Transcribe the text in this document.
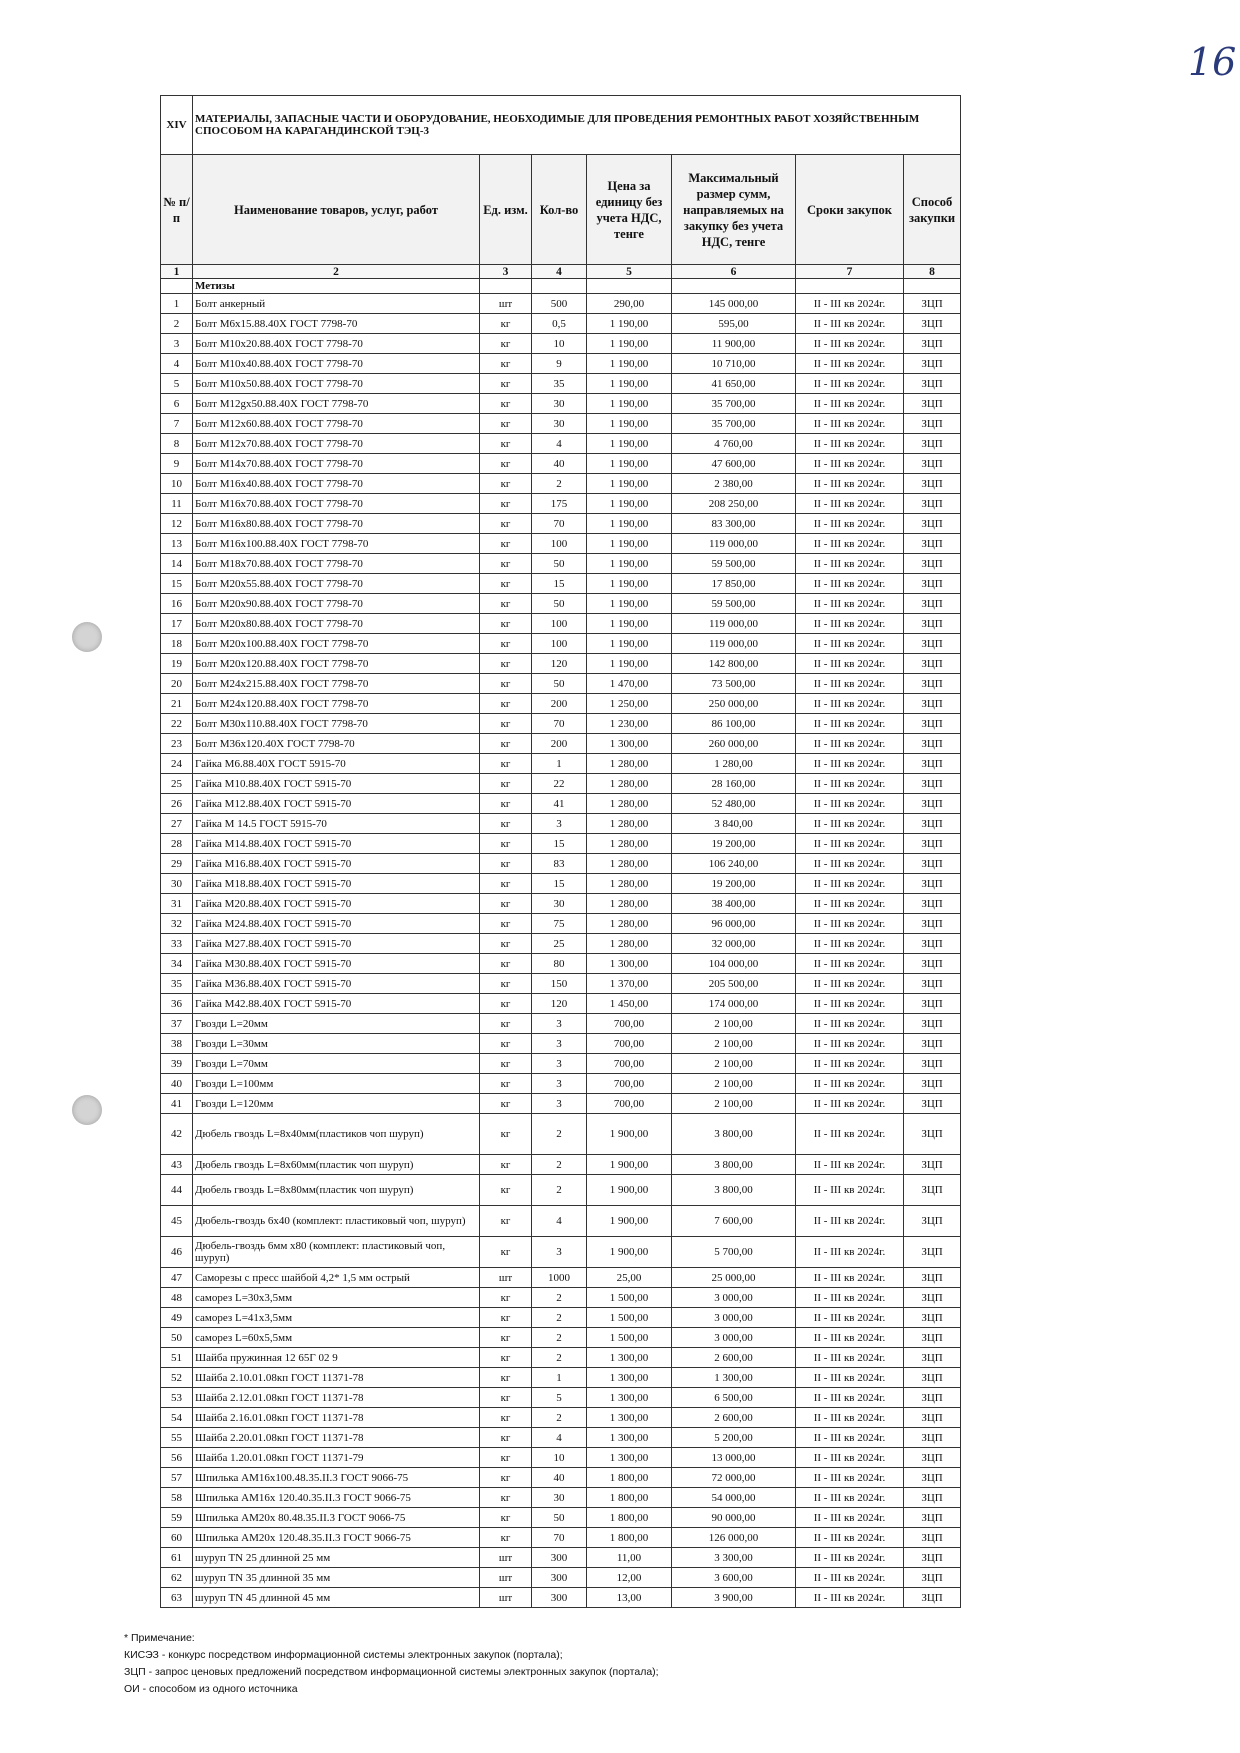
16
XIV	МАТЕРИАЛЫ, ЗАПАСНЫЕ ЧАСТИ И ОБОРУДОВАНИЕ, НЕОБХОДИМЫЕ ДЛЯ ПРОВЕДЕНИЯ РЕМОНТНЫХ РАБОТ ХОЗЯЙСТВЕННЫМ СПОСОБОМ НА КАРАГАНДИНСКОЙ ТЭЦ-3						
№ п/п	Наименование товаров, услуг, работ	Ед. изм.	Кол-во	Цена за единицу без учета НДС, тенге	Максимальный размер сумм, направляемых на закупку без учета НДС, тенге	Сроки закупок	Способ закупки
1	2	3	4	5	6	7	8
	Метизы						
1	Болт анкерный	шт	500	290,00	145 000,00	II - III кв 2024г.	ЗЦП
2	Болт М6х15.88.40Х ГОСТ 7798-70	кг	0,5	1 190,00	595,00	II - III кв 2024г.	ЗЦП
3	Болт М10х20.88.40Х ГОСТ 7798-70	кг	10	1 190,00	11 900,00	II - III кв 2024г.	ЗЦП
4	Болт М10х40.88.40Х ГОСТ 7798-70	кг	9	1 190,00	10 710,00	II - III кв 2024г.	ЗЦП
5	Болт М10х50.88.40Х ГОСТ 7798-70	кг	35	1 190,00	41 650,00	II - III кв 2024г.	ЗЦП
6	Болт М12gх50.88.40Х ГОСТ 7798-70	кг	30	1 190,00	35 700,00	II - III кв 2024г.	ЗЦП
7	Болт М12х60.88.40Х ГОСТ 7798-70	кг	30	1 190,00	35 700,00	II - III кв 2024г.	ЗЦП
8	Болт М12х70.88.40Х ГОСТ 7798-70	кг	4	1 190,00	4 760,00	II - III кв 2024г.	ЗЦП
9	Болт М14х70.88.40Х ГОСТ 7798-70	кг	40	1 190,00	47 600,00	II - III кв 2024г.	ЗЦП
10	Болт М16х40.88.40Х ГОСТ 7798-70	кг	2	1 190,00	2 380,00	II - III кв 2024г.	ЗЦП
11	Болт М16х70.88.40Х ГОСТ 7798-70	кг	175	1 190,00	208 250,00	II - III кв 2024г.	ЗЦП
12	Болт М16х80.88.40Х ГОСТ 7798-70	кг	70	1 190,00	83 300,00	II - III кв 2024г.	ЗЦП
13	Болт М16х100.88.40Х ГОСТ 7798-70	кг	100	1 190,00	119 000,00	II - III кв 2024г.	ЗЦП
14	Болт М18х70.88.40Х ГОСТ 7798-70	кг	50	1 190,00	59 500,00	II - III кв 2024г.	ЗЦП
15	Болт М20х55.88.40Х ГОСТ 7798-70	кг	15	1 190,00	17 850,00	II - III кв 2024г.	ЗЦП
16	Болт М20х90.88.40Х ГОСТ 7798-70	кг	50	1 190,00	59 500,00	II - III кв 2024г.	ЗЦП
17	Болт М20х80.88.40Х ГОСТ 7798-70	кг	100	1 190,00	119 000,00	II - III кв 2024г.	ЗЦП
18	Болт М20х100.88.40Х ГОСТ 7798-70	кг	100	1 190,00	119 000,00	II - III кв 2024г.	ЗЦП
19	Болт М20х120.88.40Х ГОСТ 7798-70	кг	120	1 190,00	142 800,00	II - III кв 2024г.	ЗЦП
20	Болт М24х215.88.40Х ГОСТ 7798-70	кг	50	1 470,00	73 500,00	II - III кв 2024г.	ЗЦП
21	Болт М24х120.88.40Х ГОСТ 7798-70	кг	200	1 250,00	250 000,00	II - III кв 2024г.	ЗЦП
22	Болт М30х110.88.40Х ГОСТ 7798-70	кг	70	1 230,00	86 100,00	II - III кв 2024г.	ЗЦП
23	Болт М36х120.40Х ГОСТ 7798-70	кг	200	1 300,00	260 000,00	II - III кв 2024г.	ЗЦП
24	Гайка М6.88.40Х ГОСТ 5915-70	кг	1	1 280,00	1 280,00	II - III кв 2024г.	ЗЦП
25	Гайка М10.88.40Х ГОСТ 5915-70	кг	22	1 280,00	28 160,00	II - III кв 2024г.	ЗЦП
26	Гайка М12.88.40Х ГОСТ 5915-70	кг	41	1 280,00	52 480,00	II - III кв 2024г.	ЗЦП
27	Гайка М 14.5 ГОСТ 5915-70	кг	3	1 280,00	3 840,00	II - III кв 2024г.	ЗЦП
28	Гайка М14.88.40Х ГОСТ 5915-70	кг	15	1 280,00	19 200,00	II - III кв 2024г.	ЗЦП
29	Гайка М16.88.40Х ГОСТ 5915-70	кг	83	1 280,00	106 240,00	II - III кв 2024г.	ЗЦП
30	Гайка М18.88.40Х ГОСТ 5915-70	кг	15	1 280,00	19 200,00	II - III кв 2024г.	ЗЦП
31	Гайка М20.88.40Х ГОСТ 5915-70	кг	30	1 280,00	38 400,00	II - III кв 2024г.	ЗЦП
32	Гайка М24.88.40Х ГОСТ 5915-70	кг	75	1 280,00	96 000,00	II - III кв 2024г.	ЗЦП
33	Гайка М27.88.40Х ГОСТ 5915-70	кг	25	1 280,00	32 000,00	II - III кв 2024г.	ЗЦП
34	Гайка М30.88.40Х ГОСТ 5915-70	кг	80	1 300,00	104 000,00	II - III кв 2024г.	ЗЦП
35	Гайка М36.88.40Х ГОСТ 5915-70	кг	150	1 370,00	205 500,00	II - III кв 2024г.	ЗЦП
36	Гайка М42.88.40Х ГОСТ 5915-70	кг	120	1 450,00	174 000,00	II - III кв 2024г.	ЗЦП
37	Гвозди L=20мм	кг	3	700,00	2 100,00	II - III кв 2024г.	ЗЦП
38	Гвозди L=30мм	кг	3	700,00	2 100,00	II - III кв 2024г.	ЗЦП
39	Гвозди L=70мм	кг	3	700,00	2 100,00	II - III кв 2024г.	ЗЦП
40	Гвозди L=100мм	кг	3	700,00	2 100,00	II - III кв 2024г.	ЗЦП
41	Гвозди L=120мм	кг	3	700,00	2 100,00	II - III кв 2024г.	ЗЦП
42	Дюбель гвоздь L=8х40мм(пластиков чоп шуруп)	кг	2	1 900,00	3 800,00	II - III кв 2024г.	ЗЦП
43	Дюбель гвоздь L=8х60мм(пластик чоп шуруп)	кг	2	1 900,00	3 800,00	II - III кв 2024г.	ЗЦП
44	Дюбель гвоздь L=8х80мм(пластик чоп шуруп)	кг	2	1 900,00	3 800,00	II - III кв 2024г.	ЗЦП
45	Дюбель-гвоздь 6х40 (комплект: пластиковый чоп, шуруп)	кг	4	1 900,00	7 600,00	II - III кв 2024г.	ЗЦП
46	Дюбель-гвоздь 6мм х80 (комплект: пластиковый чоп, шуруп)	кг	3	1 900,00	5 700,00	II - III кв 2024г.	ЗЦП
47	Саморезы с пресс шайбой 4,2* 1,5 мм острый	шт	1000	25,00	25 000,00	II - III кв 2024г.	ЗЦП
48	саморез L=30х3,5мм	кг	2	1 500,00	3 000,00	II - III кв 2024г.	ЗЦП
49	саморез L=41х3,5мм	кг	2	1 500,00	3 000,00	II - III кв 2024г.	ЗЦП
50	саморез L=60х5,5мм	кг	2	1 500,00	3 000,00	II - III кв 2024г.	ЗЦП
51	Шайба пружинная 12 65Г 02 9	кг	2	1 300,00	2 600,00	II - III кв 2024г.	ЗЦП
52	Шайба 2.10.01.08кп ГОСТ 11371-78	кг	1	1 300,00	1 300,00	II - III кв 2024г.	ЗЦП
53	Шайба 2.12.01.08кп ГОСТ 11371-78	кг	5	1 300,00	6 500,00	II - III кв 2024г.	ЗЦП
54	Шайба 2.16.01.08кп ГОСТ 11371-78	кг	2	1 300,00	2 600,00	II - III кв 2024г.	ЗЦП
55	Шайба 2.20.01.08кп ГОСТ 11371-78	кг	4	1 300,00	5 200,00	II - III кв 2024г.	ЗЦП
56	Шайба 1.20.01.08кп ГОСТ 11371-79	кг	10	1 300,00	13 000,00	II - III кв 2024г.	ЗЦП
57	Шпилька АМ16х100.48.35.II.3 ГОСТ 9066-75	кг	40	1 800,00	72 000,00	II - III кв 2024г.	ЗЦП
58	Шпилька АМ16х 120.40.35.II.3 ГОСТ 9066-75	кг	30	1 800,00	54 000,00	II - III кв 2024г.	ЗЦП
59	Шпилька АМ20х 80.48.35.II.3 ГОСТ 9066-75	кг	50	1 800,00	90 000,00	II - III кв 2024г.	ЗЦП
60	Шпилька АМ20х 120.48.35.II.3 ГОСТ 9066-75	кг	70	1 800,00	126 000,00	II - III кв 2024г.	ЗЦП
61	шуруп TN 25 длинной 25 мм	шт	300	11,00	3 300,00	II - III кв 2024г.	ЗЦП
62	шуруп TN 35 длинной 35 мм	шт	300	12,00	3 600,00	II - III кв 2024г.	ЗЦП
63	шуруп TN 45 длинной 45 мм	шт	300	13,00	3 900,00	II - III кв 2024г.	ЗЦП
* Примечание:
КИСЭЗ - конкурс посредством информационной системы электронных закупок (портала);
ЗЦП - запрос ценовых предложений посредством информационной системы электронных закупок (портала);
ОИ - способом из одного источника
